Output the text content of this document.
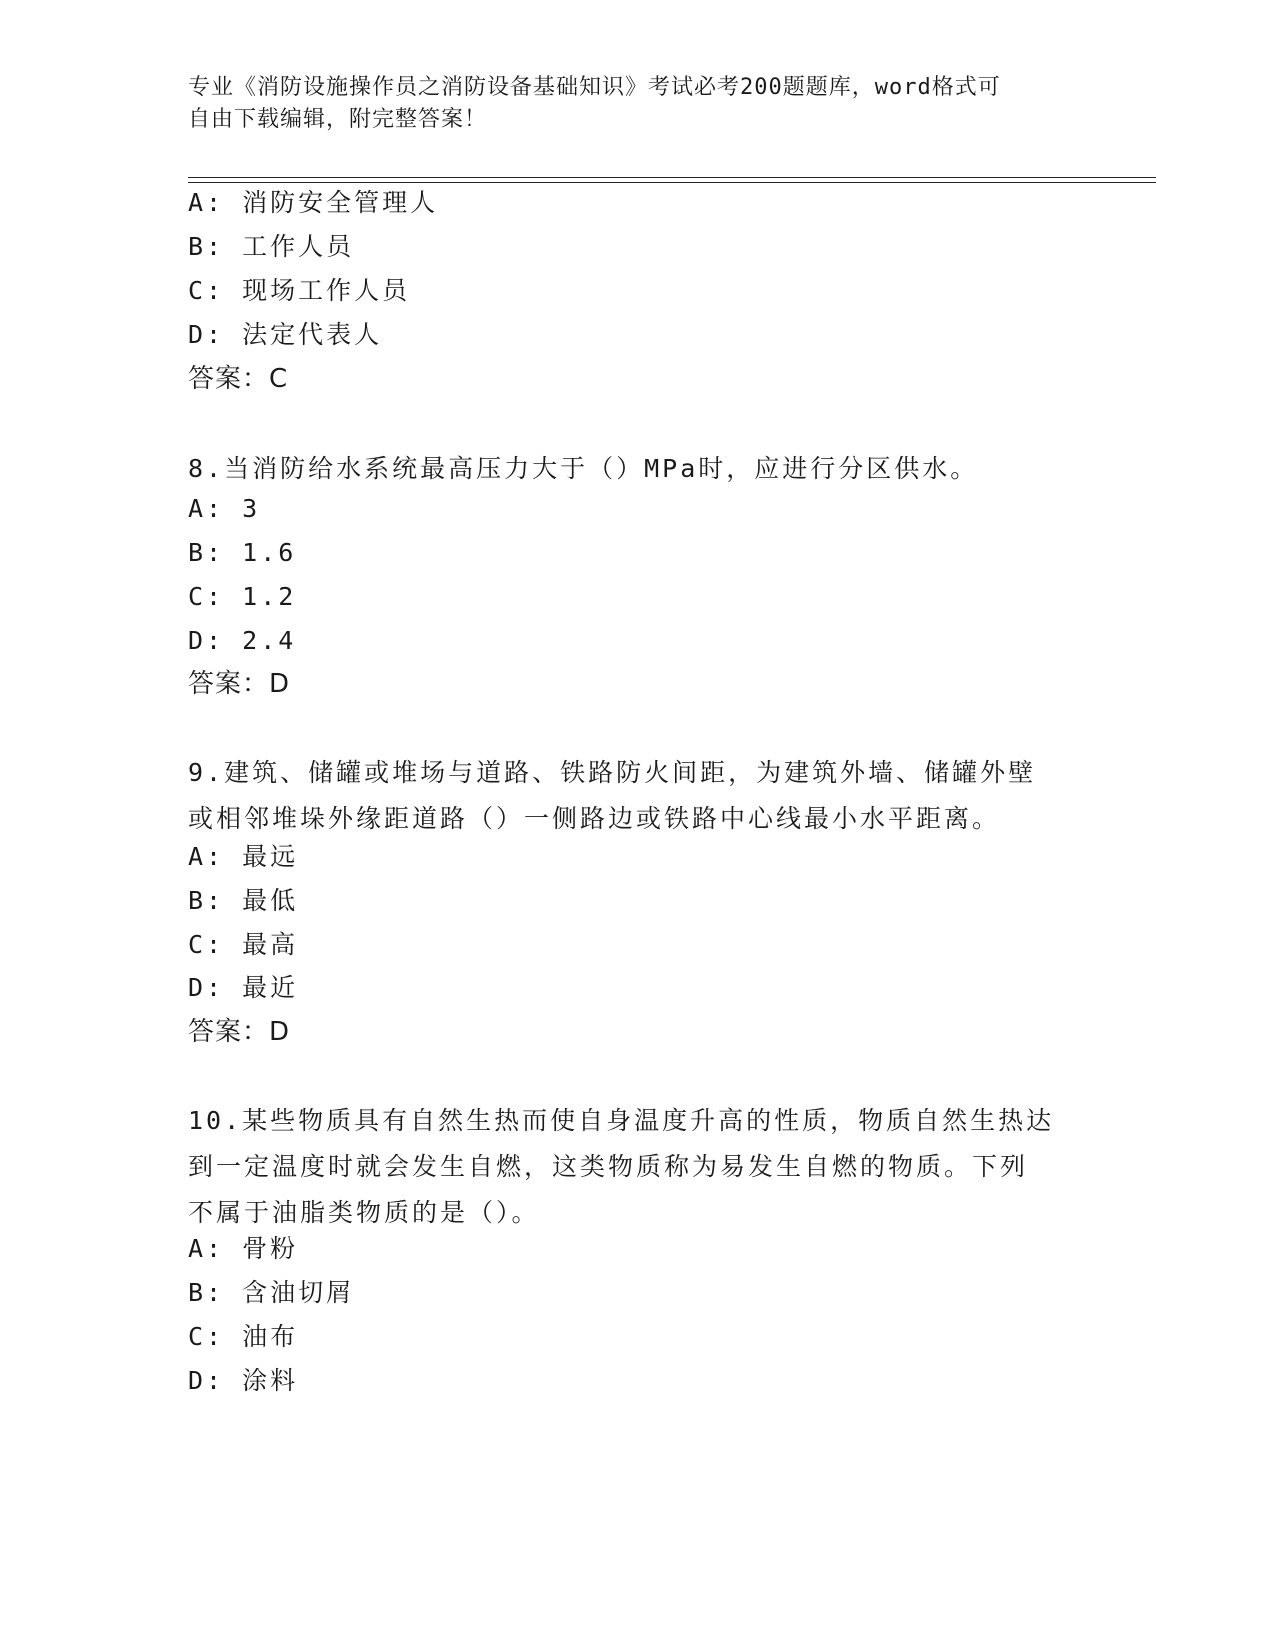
专业《消防设施操作员之消防设备基础知识》考试必考200题题库，word格式可
自由下载编辑，附完整答案！
A: 消防安全管理人
B: 工作人员
C: 现场工作人员
D: 法定代表人
答案：C
8.当消防给水系统最高压力大于（）MPa时，应进行分区供水。
A: 3
B: 1.6
C: 1.2
D: 2.4
答案：D
9.建筑、储罐或堆场与道路、铁路防火间距，为建筑外墙、储罐外壁
或相邻堆垛外缘距道路（）一侧路边或铁路中心线最小水平距离。
A: 最远
B: 最低
C: 最高
D: 最近
答案：D
10.某些物质具有自然生热而使自身温度升高的性质，物质自然生热达
到一定温度时就会发生自燃，这类物质称为易发生自燃的物质。下列
不属于油脂类物质的是（）。
A: 骨粉
B: 含油切屑
C: 油布
D: 涂料
